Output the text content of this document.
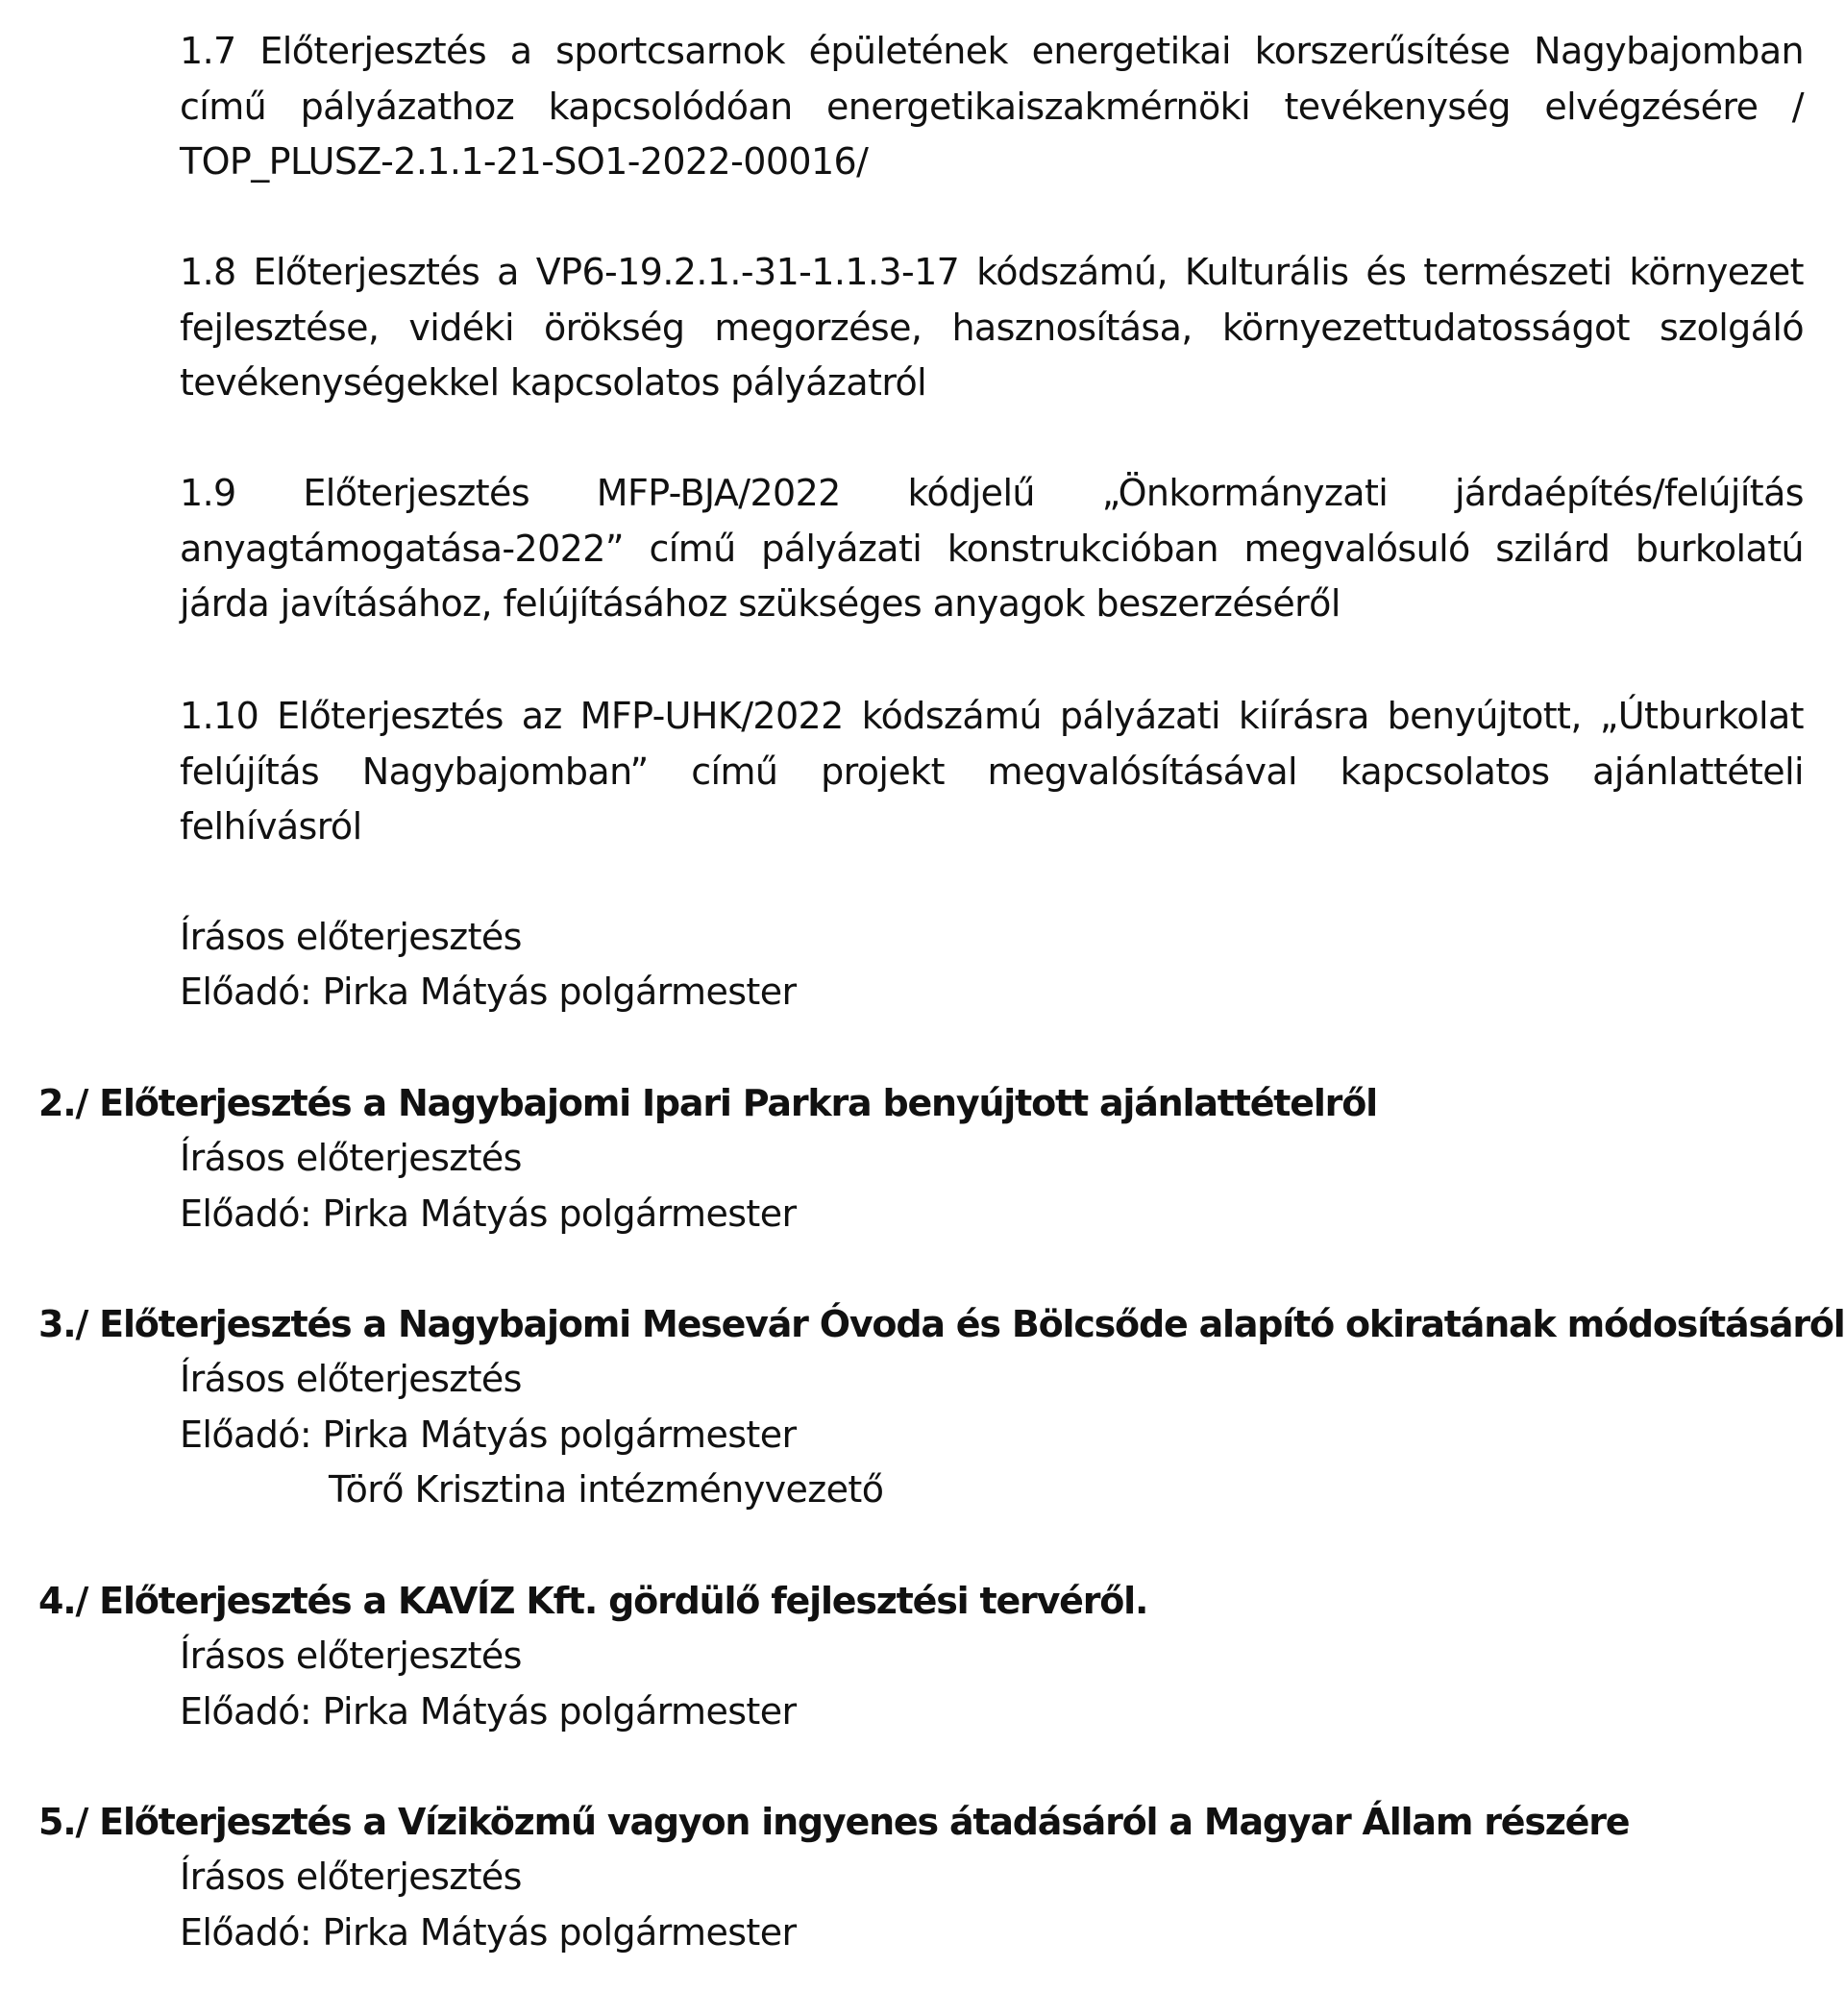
1.7 Előterjesztés a sportcsarnok épületének energetikai korszerűsítése Nagybajomban című pályázathoz kapcsolódóan energetikaiszakmérnöki tevékenység elvégzésére / TOP_PLUSZ-2.1.1-21-SO1-2022-00016/
1.8 Előterjesztés a VP6-19.2.1.-31-1.1.3-17 kódszámú, Kulturális és természeti környezet fejlesztése, vidéki örökség megorzése, hasznosítása, környezettudatosságot szolgáló tevékenységekkel kapcsolatos pályázatról
1.9 Előterjesztés MFP-BJA/2022 kódjelű „Önkormányzati járdaépítés/felújítás anyagtámogatása-2022” című pályázati konstrukcióban megvalósuló szilárd burkolatú járda javításához, felújításához szükséges anyagok beszerzéséről
1.10 Előterjesztés az MFP-UHK/2022 kódszámú pályázati kiírásra benyújtott, „Útburkolat felújítás Nagybajomban” című projekt megvalósításával kapcsolatos ajánlattételi felhívásról
Írásos előterjesztés
Előadó: Pirka Mátyás polgármester
2./ Előterjesztés a Nagybajomi Ipari Parkra benyújtott ajánlattételről
Írásos előterjesztés
Előadó: Pirka Mátyás polgármester
3./ Előterjesztés a Nagybajomi Mesevár Óvoda és Bölcsőde alapító okiratának módosításáról
Írásos előterjesztés
Előadó: Pirka Mátyás polgármester
Törő Krisztina intézményvezető
4./ Előterjesztés a KAVÍZ Kft. gördülő fejlesztési tervéről.
Írásos előterjesztés
Előadó: Pirka Mátyás polgármester
5./ Előterjesztés a Víziközmű vagyon ingyenes átadásáról a Magyar Állam részére
Írásos előterjesztés
Előadó: Pirka Mátyás polgármester
